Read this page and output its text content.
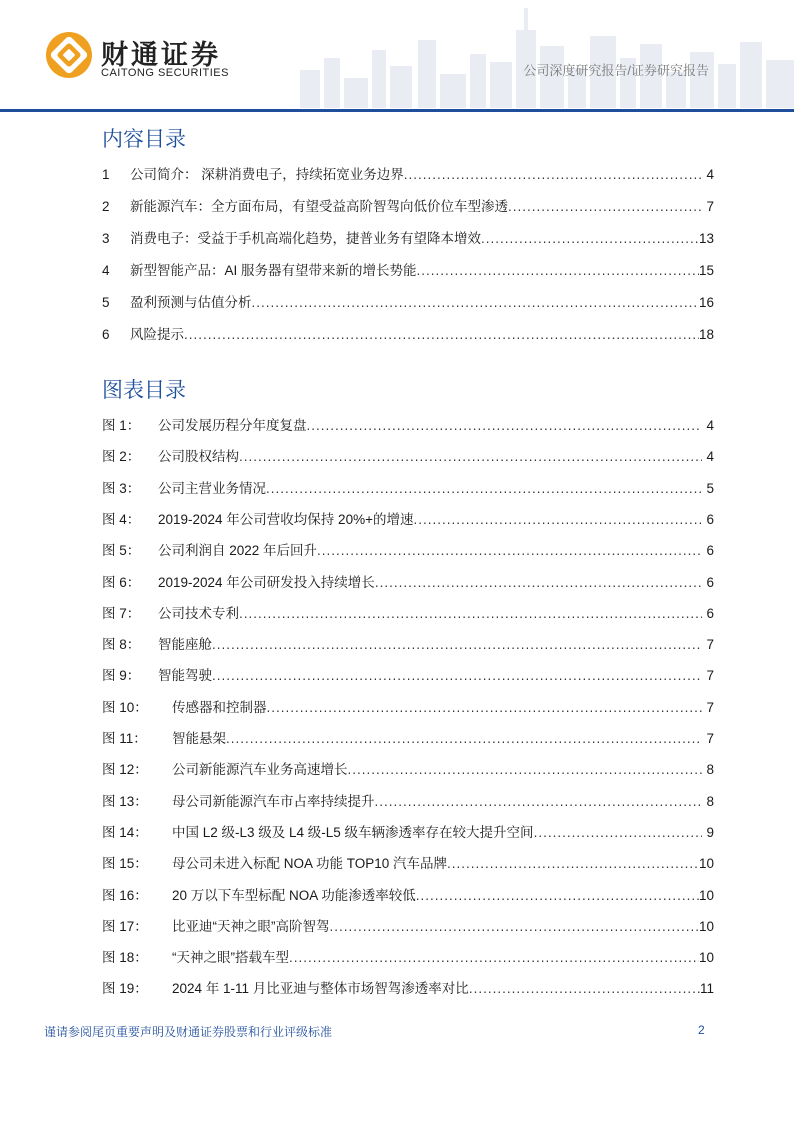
财通证券
CAITONG SECURITIES	公司深度研究报告/证券研究报告
内容目录
1	公司简介： 深耕消费电子，持续拓宽业务边界 .....	4
2	新能源汽车：全方面布局，有望受益高阶智驾向低价位车型渗透 .....	7
3	消费电子：受益于手机高端化趋势，捷普业务有望降本增效 .....	13
4	新型智能产品：AI 服务器有望带来新的增长势能 .....	15
5	盈利预测与估值分析 .....	16
6	风险提示 .....	18
图表目录
图 1：	公司发展历程分年度复盘 .....	4
图 2：	公司股权结构 .....	4
图 3：	公司主营业务情况 .....	5
图 4：	2019-2024 年公司营收均保持 20%+的增速 .....	6
图 5：	公司利润自 2022 年后回升 .....	6
图 6：	2019-2024 年公司研发投入持续增长 .....	6
图 7：	公司技术专利 .....	6
图 8：	智能座舱 .....	7
图 9：	智能驾驶 .....	7
图 10：	传感器和控制器 .....	7
图 11：	智能悬架 .....	7
图 12：	公司新能源汽车业务高速增长 .....	8
图 13：	母公司新能源汽车市占率持续提升 .....	8
图 14：	中国 L2 级-L3 级及 L4 级-L5 级车辆渗透率存在较大提升空间 .....	9
图 15：	母公司未进入标配 NOA 功能 TOP10 汽车品牌 .....	10
图 16：	20 万以下车型标配 NOA 功能渗透率较低 .....	10
图 17：	比亚迪“天神之眼”高阶智驾 .....	10
图 18：	“天神之眼”搭载车型 .....	10
图 19：	2024 年 1-11 月比亚迪与整体市场智驾渗透率对比 .....	11
谨请参阅尾页重要声明及财通证券股票和行业评级标准	2
